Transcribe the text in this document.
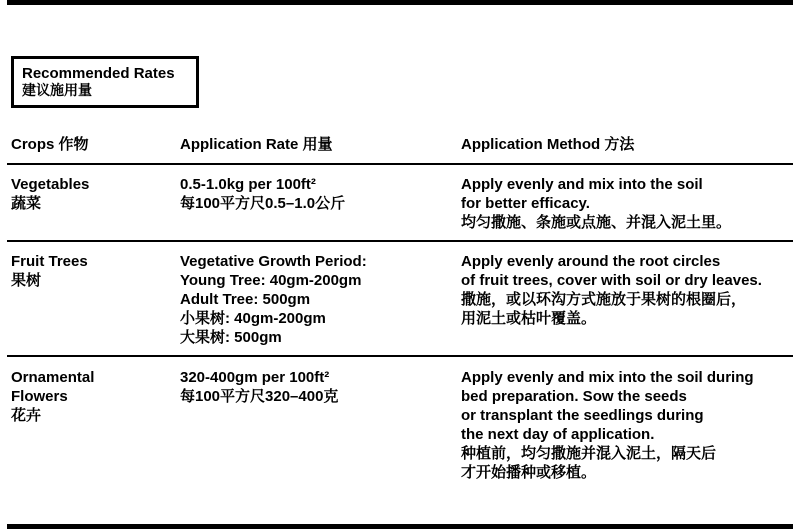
Recommended Rates
建议施用量
Crops 作物	Application Rate 用量	Application Method 方法
Vegetables
蔬菜
0.5-1.0kg per 100ft²
每100平方尺0.5–1.0公斤
Apply evenly and mix into the soil
for better efficacy.
均匀撒施、条施或点施、并混入泥土里。
Fruit Trees
果树
Vegetative Growth Period:
Young Tree: 40gm-200gm
Adult Tree: 500gm
小果树: 40gm-200gm
大果树: 500gm
Apply evenly around the root circles
of fruit trees, cover with soil or dry leaves.
撒施，或以环沟方式施放于果树的根圈后，
用泥土或枯叶覆盖。
Ornamental
Flowers
花卉
320-400gm per 100ft²
每100平方尺320–400克
Apply evenly and mix into the soil during
bed preparation. Sow the seeds
or transplant the seedlings during
the next day of application.
种植前，均匀撒施并混入泥土，隔天后
才开始播种或移植。
